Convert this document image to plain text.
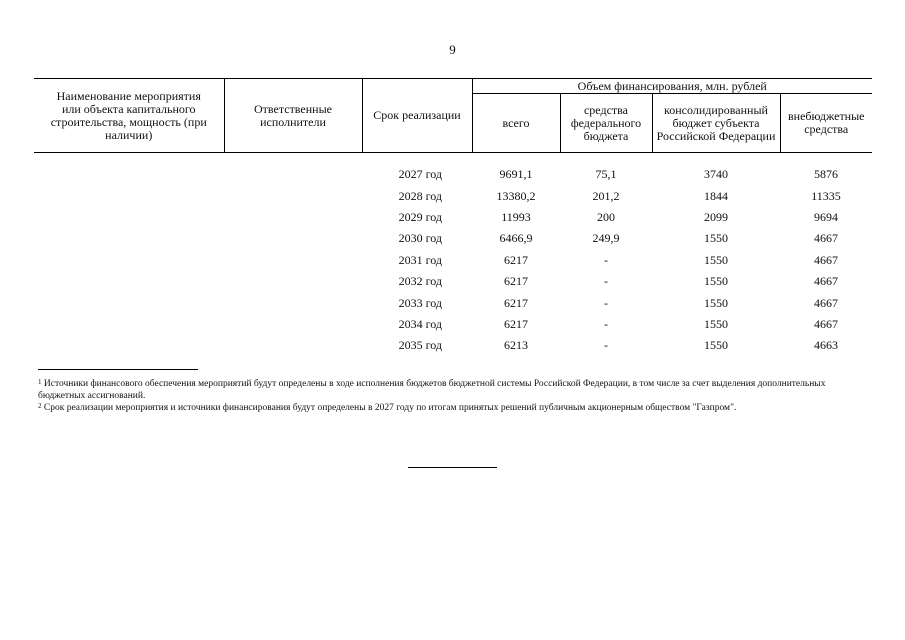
9
Наименование мероприятия или объекта капитального строительства, мощность (при наличии)	Ответственные исполнители	Срок реализации	Объем финансирования, млн. рублей			
			всего	средства федерального бюджета	консолидированный бюджет субъекта Российской Федерации	внебюджетные средства

		2027 год	9691,1	75,1	3740	5876
		2028 год	13380,2	201,2	1844	11335
		2029 год	11993	200	2099	9694
		2030 год	6466,9	249,9	1550	4667
		2031 год	6217	-	1550	4667
		2032 год	6217	-	1550	4667
		2033 год	6217	-	1550	4667
		2034 год	6217	-	1550	4667
		2035 год	6213	-	1550	4663

$^1$ Источники финансового обеспечения мероприятий будут определены в ходе исполнения бюджетов бюджетной системы Российской Федерации, в том числе за счет выделения дополнительных бюджетных ассигнований.

$^2$ Срок реализации мероприятия и источники финансирования будут определены в 2027 году по итогам принятых решений публичным акционерным обществом "Газпром".
